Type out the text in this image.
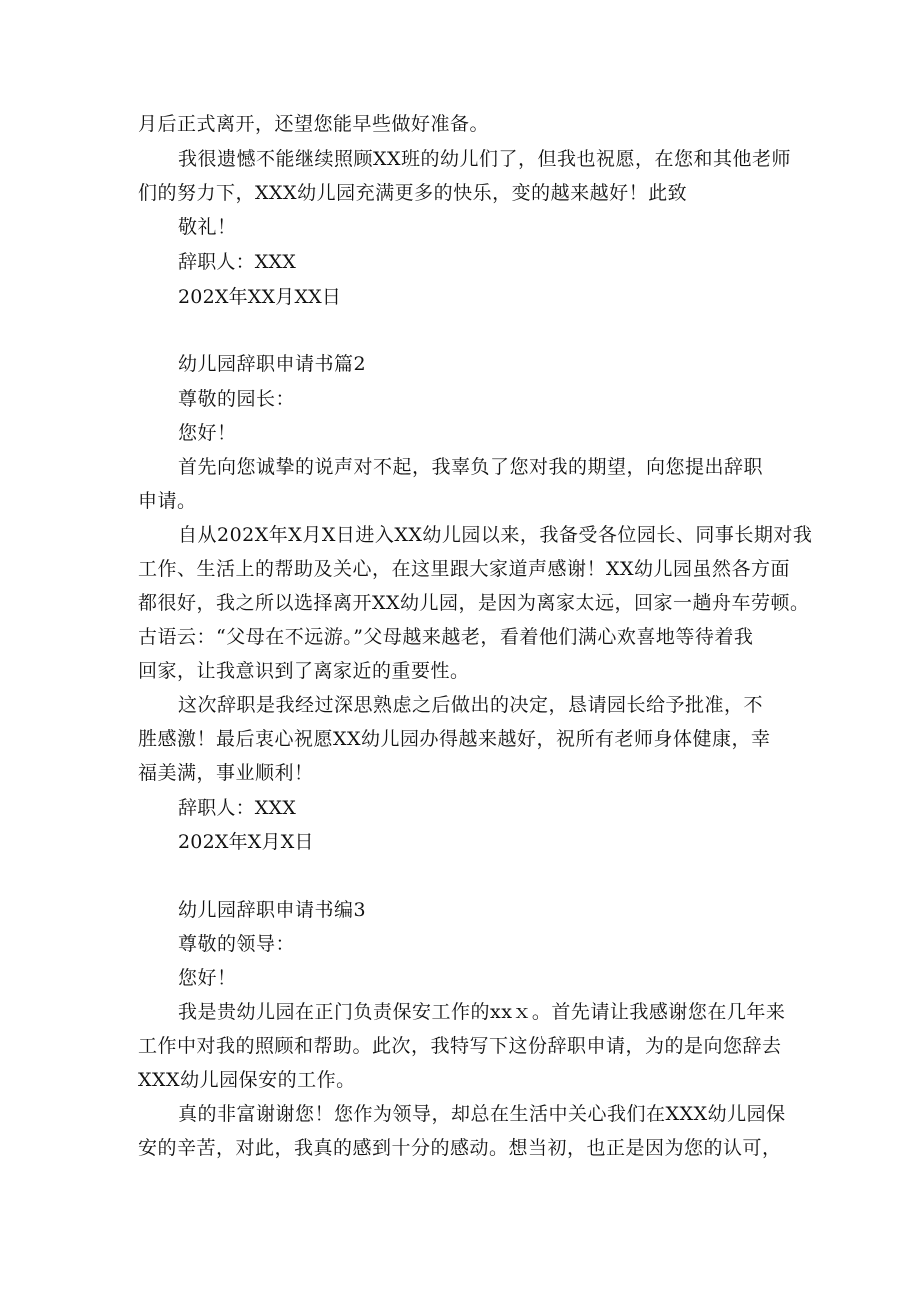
月后正式离开，还望您能早些做好准备。
我很遗憾不能继续照顾XX班的幼儿们了，但我也祝愿，在您和其他老师
们的努力下，XXX幼儿园充满更多的快乐，变的越来越好！此致
敬礼！
辞职人：XXX
202X年XX月XX日
幼儿园辞职申请书篇2
尊敬的园长：
您好！
首先向您诚挚的说声对不起，我辜负了您对我的期望，向您提出辞职
申请。
自从202X年X月X日进入XX幼儿园以来，我备受各位园长、同事长期对我
工作、生活上的帮助及关心，在这里跟大家道声感谢！XX幼儿园虽然各方面
都很好，我之所以选择离开XX幼儿园，是因为离家太远，回家一趟舟车劳顿。
古语云：“父母在不远游。”父母越来越老，看着他们满心欢喜地等待着我
回家，让我意识到了离家近的重要性。
这次辞职是我经过深思熟虑之后做出的决定，恳请园长给予批准，不
胜感激！最后衷心祝愿XX幼儿园办得越来越好，祝所有老师身体健康，幸
福美满，事业顺利！
辞职人：XXX
202X年X月X日
幼儿园辞职申请书编3
尊敬的领导：
您好！
我是贵幼儿园在正门负责保安工作的xxｘ。首先请让我感谢您在几年来
工作中对我的照顾和帮助。此次，我特写下这份辞职申请，为的是向您辞去
XXX幼儿园保安的工作。
真的非富谢谢您！您作为领导，却总在生活中关心我们在XXX幼儿园保
安的辛苦，对此，我真的感到十分的感动。想当初，也正是因为您的认可，
